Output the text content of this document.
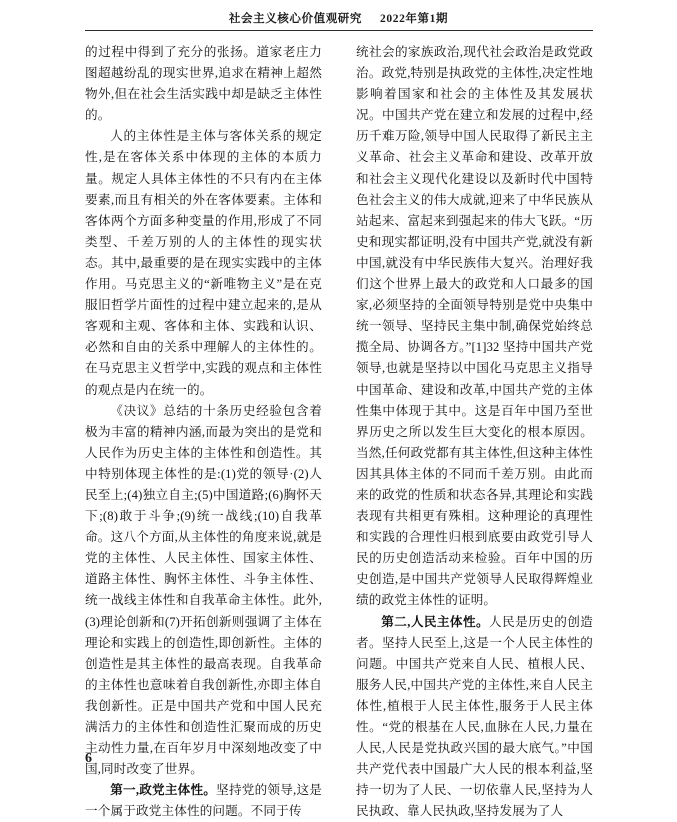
社会主义核心价值观研究 2022年第1期

的过程中得到了充分的张扬。道家老庄力图超越纷乱的现实世界,追求在精神上超然物外,但在社会生活实践中却是缺乏主体性的。

人的主体性是主体与客体关系的规定性,是在客体关系中体现的主体的本质力量。规定人具体主体性的不只有内在主体要素,而且有相关的外在客体要素。主体和客体两个方面多种变量的作用,形成了不同类型、千差万别的人的主体性的现实状态。其中,最重要的是在现实实践中的主体作用。马克思主义的“新唯物主义”是在克服旧哲学片面性的过程中建立起来的,是从客观和主观、客体和主体、实践和认识、必然和自由的关系中理解人的主体性的。在马克思主义哲学中,实践的观点和主体性的观点是内在统一的。

《决议》总结的十条历史经验包含着极为丰富的精神内涵,而最为突出的是党和人民作为历史主体的主体性和创造性。其中特别体现主体性的是:(1)党的领导·(2)人民至上;(4)独立自主;(5)中国道路;(6)胸怀天下;(8)敢于斗争;(9)统一战线;(10)自我革命。这八个方面,从主体性的角度来说,就是党的主体性、人民主体性、国家主体性、道路主体性、胸怀主体性、斗争主体性、统一战线主体性和自我革命主体性。此外,(3)理论创新和(7)开拓创新则强调了主体在理论和实践上的创造性,即创新性。主体的创造性是其主体性的最高表现。自我革命的主体性也意味着自我创新性,亦即主体自我创新性。正是中国共产党和中国人民充满活力的主体性和创造性汇聚而成的历史主动性力量,在百年岁月中深刻地改变了中国,同时改变了世界。

第一,政党主体性。坚持党的领导,这是一个属于政党主体性的问题。不同于传

统社会的家族政治,现代社会政治是政党政治。政党,特别是执政党的主体性,决定性地影响着国家和社会的主体性及其发展状况。中国共产党在建立和发展的过程中,经历千难万险,领导中国人民取得了新民主主义革命、社会主义革命和建设、改革开放和社会主义现代化建设以及新时代中国特色社会主义的伟大成就,迎来了中华民族从站起来、富起来到强起来的伟大飞跃。“历史和现实都证明,没有中国共产党,就没有新中国,就没有中华民族伟大复兴。治理好我们这个世界上最大的政党和人口最多的国家,必须坚持的全面领导特别是党中央集中统一领导、坚持民主集中制,确保党始终总揽全局、协调各方。”[1]32 坚持中国共产党领导,也就是坚持以中国化马克思主义指导中国革命、建设和改革,中国共产党的主体性集中体现于其中。这是百年中国乃至世界历史之所以发生巨大变化的根本原因。当然,任何政党都有其主体性,但这种主体性因其具体主体的不同而千差万别。由此而来的政党的性质和状态各异,其理论和实践表现有共相更有殊相。这种理论的真理性和实践的合理性归根到底要由政党引导人民的历史创造活动来检验。百年中国的历史创造,是中国共产党领导人民取得辉煌业绩的政党主体性的证明。

第二,人民主体性。人民是历史的创造者。坚持人民至上,这是一个人民主体性的问题。中国共产党来自人民、植根人民、服务人民,中国共产党的主体性,来自人民主体性,植根于人民主体性,服务于人民主体性。“党的根基在人民,血脉在人民,力量在人民,人民是党执政兴国的最大底气。”中国共产党代表中国最广大人民的根本利益,坚持一切为了人民、一切依靠人民,坚持为人民执政、靠人民执政,坚持发展为了人

6
